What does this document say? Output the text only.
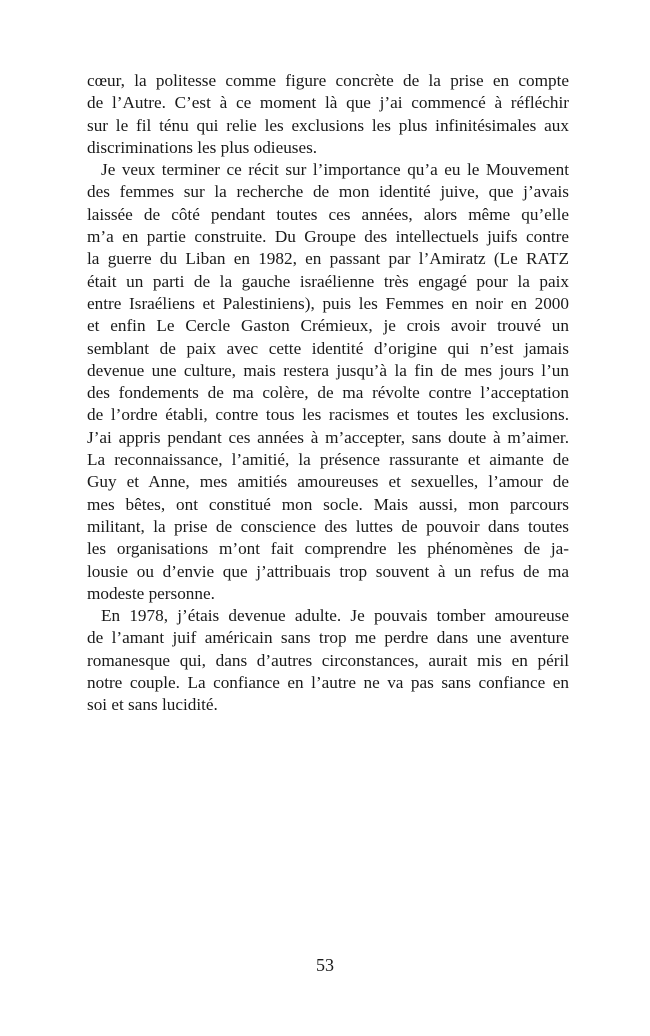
cœur, la politesse comme figure concrète de la prise en compte
de l’Autre. C’est à ce moment là que j’ai commencé à réfléchir
sur le fil ténu qui relie les exclusions les plus infinitésimales aux
discriminations les plus odieuses.
Je veux terminer ce récit sur l’importance qu’a eu le Mouvement
des femmes sur la recherche de mon identité juive, que j’avais
laissée de côté pendant toutes ces années, alors même qu’elle
m’a en partie construite. Du Groupe des intellectuels juifs contre
la guerre du Liban en 1982, en passant par l’Amiratz (Le RATZ
était un parti de la gauche israélienne très engagé pour la paix
entre Israéliens et Palestiniens), puis les Femmes en noir en 2000
et enfin Le Cercle Gaston Crémieux, je crois avoir trouvé un
semblant de paix avec cette identité d’origine qui n’est jamais
devenue une culture, mais restera jusqu’à la fin de mes jours l’un
des fondements de ma colère, de ma révolte contre l’acceptation
de l’ordre établi, contre tous les racismes et toutes les exclusions.
J’ai appris pendant ces années à m’accepter, sans doute à m’aimer.
La reconnaissance, l’amitié, la présence rassurante et aimante de
Guy et Anne, mes amitiés amoureuses et sexuelles, l’amour de
mes bêtes, ont constitué mon socle. Mais aussi, mon parcours
militant, la prise de conscience des luttes de pouvoir dans toutes
les organisations m’ont fait comprendre les phénomènes de ja-
lousie ou d’envie que j’attribuais trop souvent à un refus de ma
modeste personne.
En 1978, j’étais devenue adulte. Je pouvais tomber amoureuse
de l’amant juif américain sans trop me perdre dans une aventure
romanesque qui, dans d’autres circonstances, aurait mis en péril
notre couple. La confiance en l’autre ne va pas sans confiance en
soi et sans lucidité.
53
